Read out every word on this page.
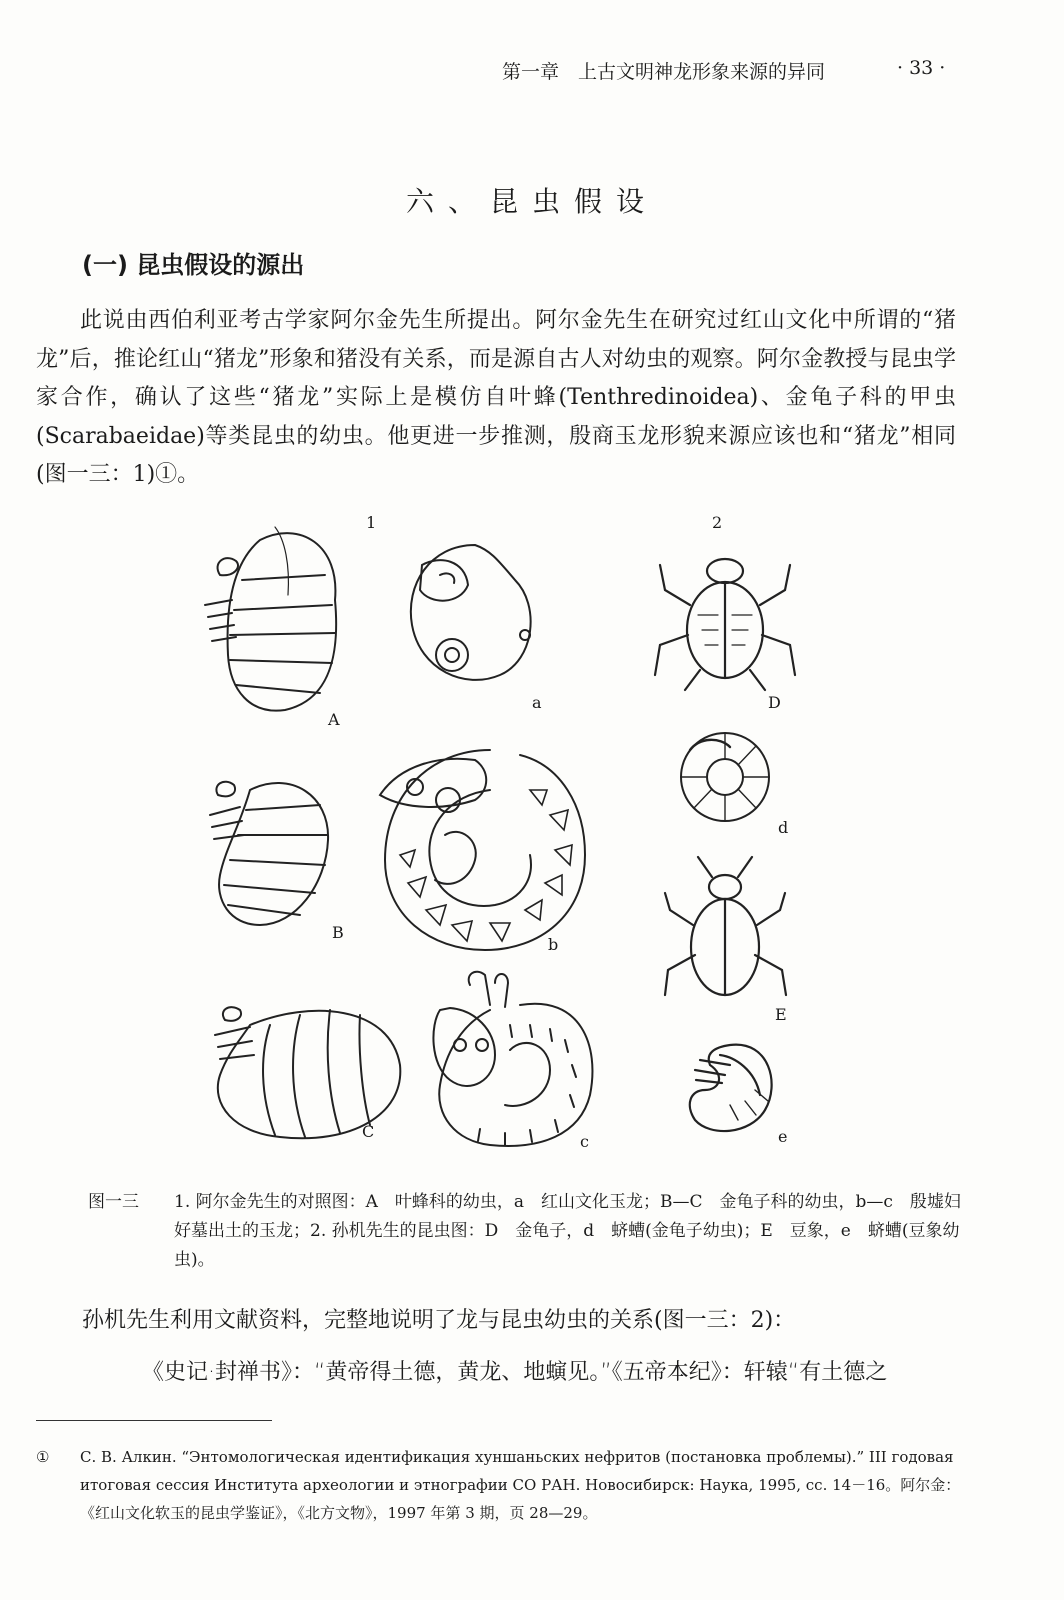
第一章　上古文明神龙形象来源的异同	· 33 ·
六、昆虫假设
(一) 昆虫假设的源出

此说由西伯利亚考古学家阿尔金先生所提出。阿尔金先生在研究过红山文化中所谓的“猪龙”后，推论红山“猪龙”形象和猪没有关系，而是源自古人对幼虫的观察。阿尔金教授与昆虫学家合作，确认了这些“猪龙”实际上是模仿自叶蜂(Tenthredinoidea)、金龟子科的甲虫(Scarabaeidae)等类昆虫的幼虫。他更进一步推测，殷商玉龙形貌来源应该也和“猪龙”相同(图一三：1)①。

1	2
A
a	D
d
B
b
E
C
c	e
图一三 1. 阿尔金先生的对照图：A　叶蜂科的幼虫，a　红山文化玉龙；B—C　金龟子科的幼虫，b—c　殷墟妇好墓出土的玉龙；2. 孙机先生的昆虫图：D　金龟子，d　蛴螬(金龟子幼虫)；E　豆象，e　蛴螬(豆象幼虫)。
孙机先生利用文献资料，完整地说明了龙与昆虫幼虫的关系(图一三：2)：
《史记·封禅书》：“黄帝得土德，黄龙、地螾见。”《五帝本纪》：轩辕“有土德之
① С. В. Алкин. “Энтомологическая идентификация хуншаньских нефритов (постановка проблемы).” III годовая итоговая сессия Института археологии и этнографии СО РАН. Новосибирск: Наука, 1995, сс. 14－16。阿尔金：《红山文化软玉的昆虫学鉴证》，《北方文物》，1997 年第 3 期，页 28—29。
